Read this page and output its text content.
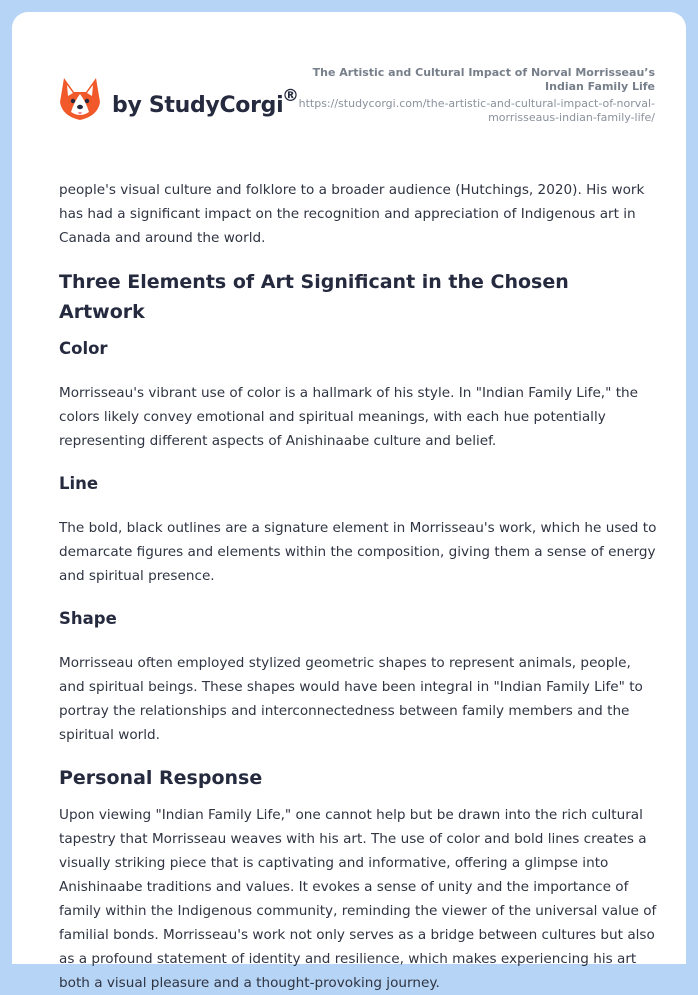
by StudyCorgi
®
The Artistic and Cultural Impact of Norval Morrisseau’s Indian Family Life
https://studycorgi.com/the-artistic-and-cultural-impact-of-norval-morrisseaus-indian-family-life/

people's visual culture and folklore to a broader audience (Hutchings, 2020). His work has had a significant impact on the recognition and appreciation of Indigenous art in Canada and around the world.

Three Elements of Art Significant in the Chosen Artwork
Color

Morrisseau's vibrant use of color is a hallmark of his style. In "Indian Family Life," the colors likely convey emotional and spiritual meanings, with each hue potentially representing different aspects of Anishinaabe culture and belief.

Line

The bold, black outlines are a signature element in Morrisseau's work, which he used to demarcate figures and elements within the composition, giving them a sense of energy and spiritual presence.

Shape

Morrisseau often employed stylized geometric shapes to represent animals, people, and spiritual beings. These shapes would have been integral in "Indian Family Life" to portray the relationships and interconnectedness between family members and the spiritual world.

Personal Response

Upon viewing "Indian Family Life," one cannot help but be drawn into the rich cultural tapestry that Morrisseau weaves with his art. The use of color and bold lines creates a visually striking piece that is captivating and informative, offering a glimpse into Anishinaabe traditions and values. It evokes a sense of unity and the importance of family within the Indigenous community, reminding the viewer of the universal value of familial bonds. Morrisseau's work not only serves as a bridge between cultures but also as a profound statement of identity and resilience, which makes experiencing his art both a visual pleasure and a thought-provoking journey.
